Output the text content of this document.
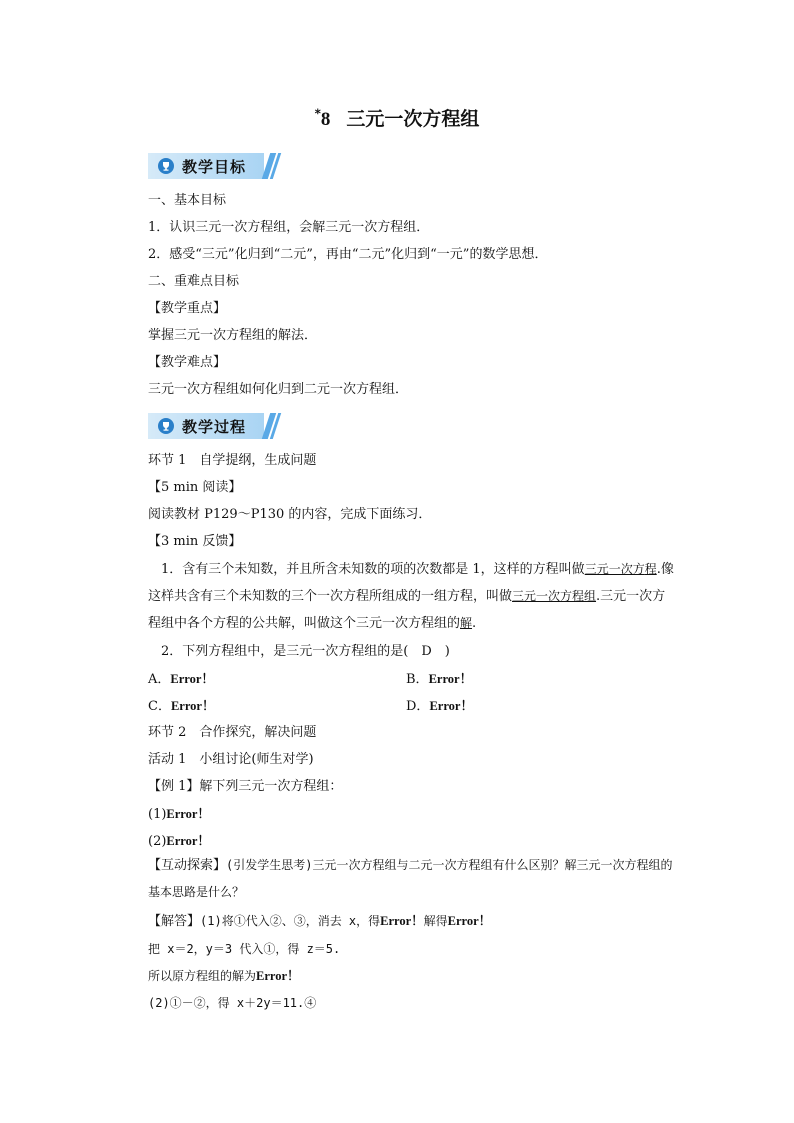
*8 三元一次方程组
教学目标
一、基本目标
1．认识三元一次方程组，会解三元一次方程组．
2．感受“三元”化归到“二元”，再由“二元”化归到“一元”的数学思想．
二、重难点目标
【教学重点】
掌握三元一次方程组的解法．
【教学难点】
三元一次方程组如何化归到二元一次方程组．
教学过程
环节 1　自学提纲，生成问题
【5 min 阅读】
阅读教材 P129～P130 的内容，完成下面练习．
【3 min 反馈】
1．含有三个未知数，并且所含未知数的项的次数都是 1，这样的方程叫做三元一次方程.像这样共含有三个未知数的三个一次方程所组成的一组方程，叫做三元一次方程组.三元一次方程组中各个方程的公共解，叫做这个三元一次方程组的解.
2．下列方程组中，是三元一次方程组的是(　D　)
A．Error！	B．Error！
C．Error！	D．Error！
环节 2　合作探究，解决问题
活动 1　小组讨论(师生对学)
【例 1】解下列三元一次方程组：
(1)Error！
(2)Error！
【互动探索】(引发学生思考)三元一次方程组与二元一次方程组有什么区别？解三元一次方程组的基本思路是什么？
【解答】(1)将①代入②、③，消去 x，得Error！解得Error！
把 x＝2，y＝3 代入①，得 z＝5.
所以原方程组的解为Error！
(2)①－②，得 x＋2y＝11.④
